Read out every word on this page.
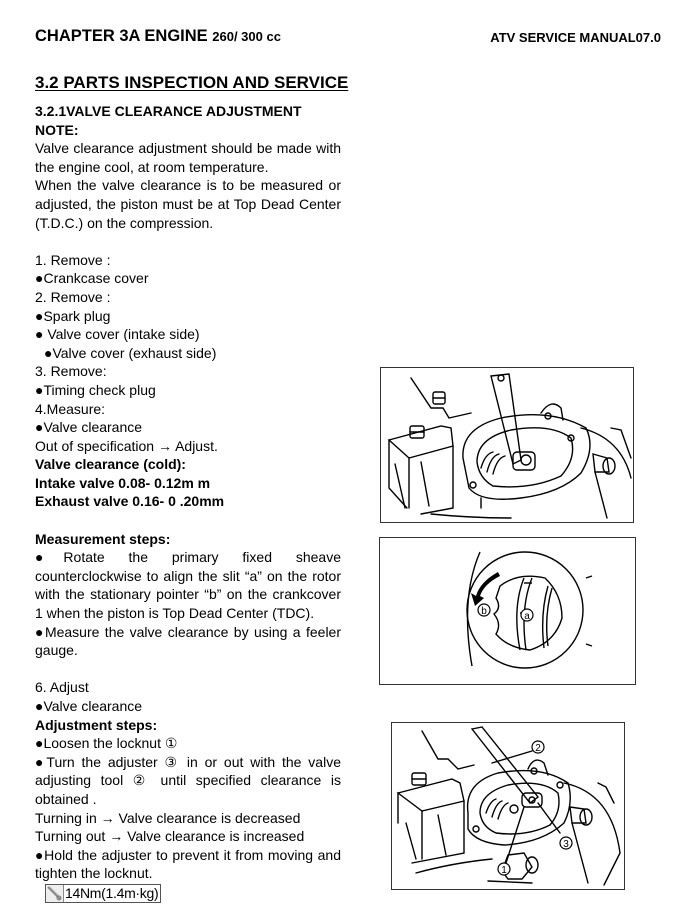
CHAPTER 3A ENGINE 260/ 300 cc	ATV SERVICE MANUAL07.0
3.2 PARTS INSPECTION AND SERVICE

3.2.1VALVE CLEARANCE ADJUSTMENT

NOTE:

Valve clearance adjustment should be made with the engine cool, at room temperature.

When the valve clearance is to be measured or adjusted, the piston must be at Top Dead Center (T.D.C.) on the compression.

1. Remove :

●Crankcase cover

2. Remove :

●Spark plug

● Valve cover (intake side)

●Valve cover (exhaust side)

3. Remove:

●Timing check plug

4.Measure:

●Valve clearance

Out of specification → Adjust.

Valve clearance (cold):

Intake valve 0.08- 0.12m m

Exhaust valve 0.16- 0 .20mm

Measurement steps:

●Rotate the primary fixed sheave

counterclockwise to align the slit “a” on the rotor with the stationary pointer “b” on the crankcover 1 when the piston is Top Dead Center (TDC).

●Measure the valve clearance by using a feeler gauge.

6. Adjust

●Valve clearance

Adjustment steps:

●Loosen the locknut ①

●Turn the adjuster ③ in or out with the valve adjusting tool ② until specified clearance is obtained .

Turning in → Valve clearance is decreased

Turning out → Valve clearance is increased

●Hold the adjuster to prevent it from moving and tighten the locknut.

14Nm(1.4m·kg)

b	a
2
1
3
